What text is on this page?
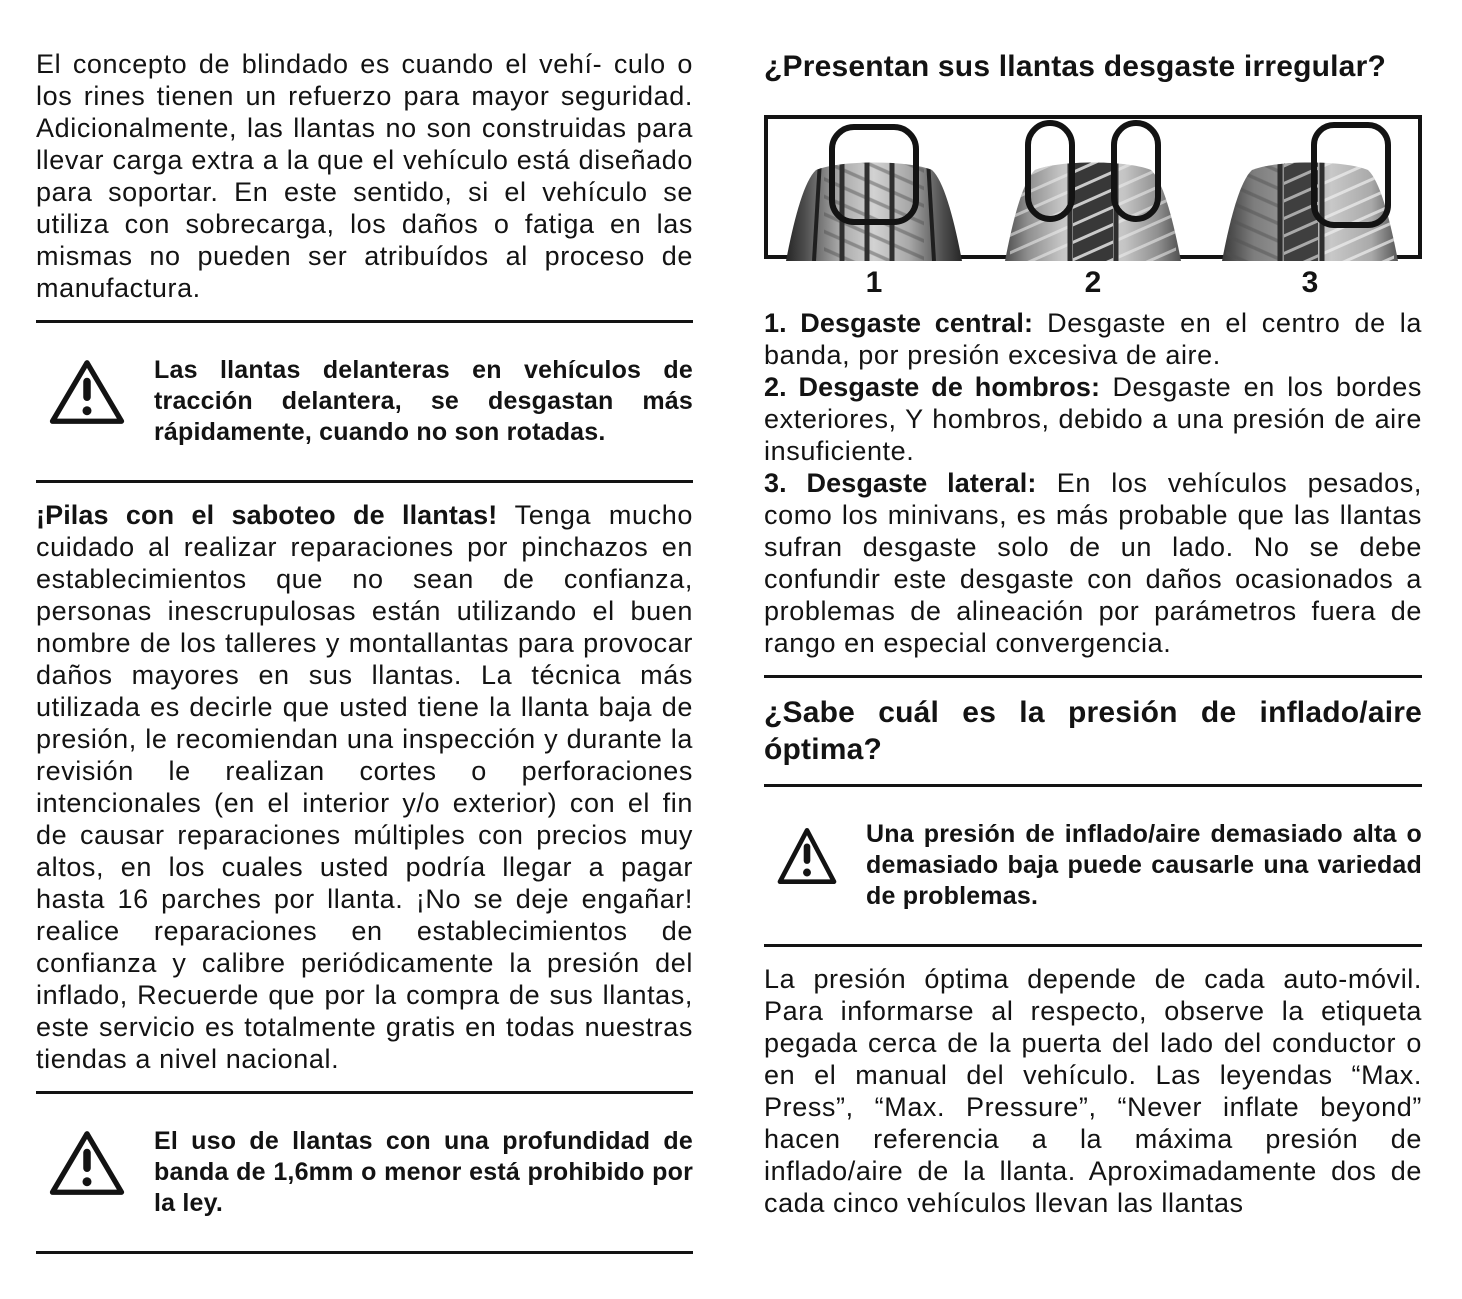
El concepto de blindado es cuando el vehí- culo o los rines tienen un refuerzo para mayor seguridad. Adicionalmente, las llantas no son construidas para llevar carga extra a la que el vehículo está diseñado para soportar. En este sentido, si el vehículo se utiliza con sobrecarga, los daños o fatiga en las mismas no pueden ser atribuídos al proceso de manufactura.

Las llantas delanteras en vehículos de tracción delantera, se desgastan más rápidamente, cuando no son rotadas.

¡Pilas con el saboteo de llantas! Tenga mucho cuidado al realizar reparaciones por pinchazos en establecimientos que no sean de confianza, personas inescrupulosas están utilizando el buen nombre de los talleres y montallantas para provocar daños mayores en sus llantas. La técnica más utilizada es decirle que usted tiene la llanta baja de presión, le recomiendan una inspección y durante la revisión le realizan cortes o perforaciones intencionales (en el interior y/o exterior) con el fin de causar reparaciones múltiples con precios muy altos, en los cuales usted podría llegar a pagar hasta 16 parches por llanta. ¡No se deje engañar! realice reparaciones en establecimientos de confianza y calibre periódicamente la presión del inflado, Recuerde que por la compra de sus llantas, este servicio es totalmente gratis en todas nuestras tiendas a nivel nacional.

El uso de llantas con una profundidad de banda de 1,6mm o menor está prohibido por la ley.
¿Presentan sus llantas desgaste irregular?
1	2	3

1. Desgaste central: Desgaste en el centro de la banda, por presión excesiva de aire.

2. Desgaste de hombros: Desgaste en los bordes exteriores, Y hombros, debido a una presión de aire insuficiente.

3. Desgaste lateral: En los vehículos pesados, como los minivans, es más probable que las llantas sufran desgaste solo de un lado. No se debe confundir este desgaste con daños ocasionados a problemas de alineación por parámetros fuera de rango en especial convergencia.

¿Sabe cuál es la presión de inflado/aire óptima?
Una presión de inflado/aire demasiado alta o demasiado baja puede causarle una variedad de problemas.

La presión óptima depende de cada auto-móvil. Para informarse al respecto, observe la etiqueta pegada cerca de la puerta del lado del conductor o en el manual del vehículo. Las leyendas “Max. Press”, “Max. Pressure”, “Never inflate beyond” hacen referencia a la máxima presión de inflado/aire de la llanta. Aproximadamente dos de cada cinco vehículos llevan las llantas
